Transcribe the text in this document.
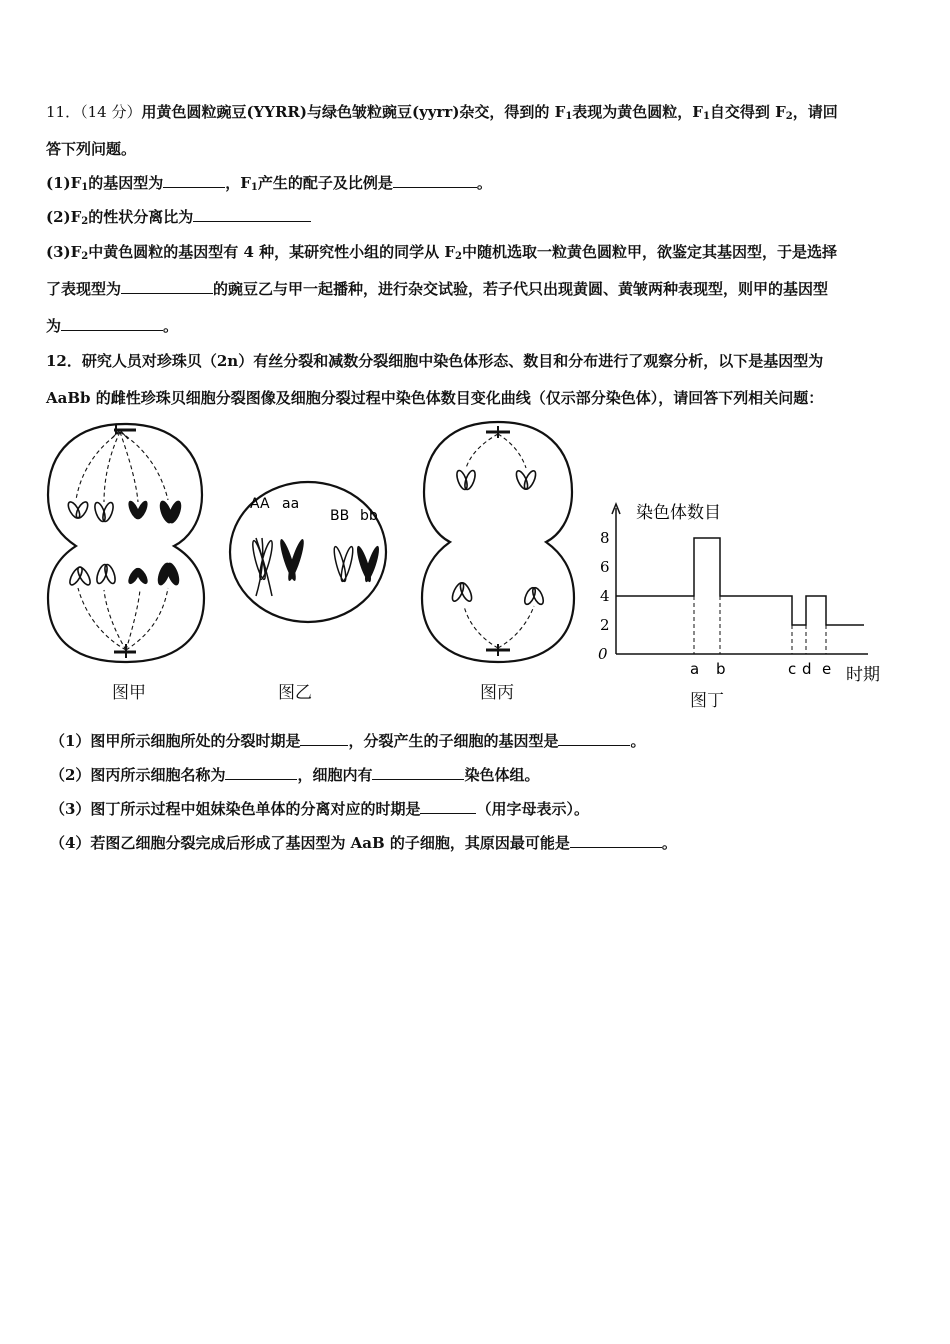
11．（14 分）用黄色圆粒豌豆(YYRR)与绿色皱粒豌豆(yyrr)杂交，得到的 $F_1$表现为黄色圆粒，$F_1$自交得到 $F_2$，请回
答下列问题。
$(1)F_1$的基因型为	，$F_1$产生的配子及比例是	。
$(2)F_2$的性状分离比为
$(3)F_2$中黄色圆粒的基因型有 4 种，某研究性小组的同学从 $F_2$中随机选取一粒黄色圆粒甲，欲鉴定其基因型，于是选择
了表现型为	的豌豆乙与甲一起播种，进行杂交试验，若子代只出现黄圆、黄皱两种表现型，则甲的基因型
为	。
12．研究人员对珍珠贝（2n）有丝分裂和减数分裂细胞中染色体形态、数目和分布进行了观察分析，以下是基因型为
AaBb 的雌性珍珠贝细胞分裂图像及细胞分裂过程中染色体数目变化曲线（仅示部分染色体），请回答下列相关问题：
图甲
AA aa
BB bb
图乙	图丙
染色体数目
时期
8
6
4
2
0
a b	c d e
图丁
（1）图甲所示细胞所处的分裂时期是	，分裂产生的子细胞的基因型是	。
（2）图丙所示细胞名称为	，细胞内有	染色体组。
（3）图丁所示过程中姐妹染色单体的分离对应的时期是	（用字母表示）。
（4）若图乙细胞分裂完成后形成了基因型为 AaB 的子细胞，其原因最可能是	。
